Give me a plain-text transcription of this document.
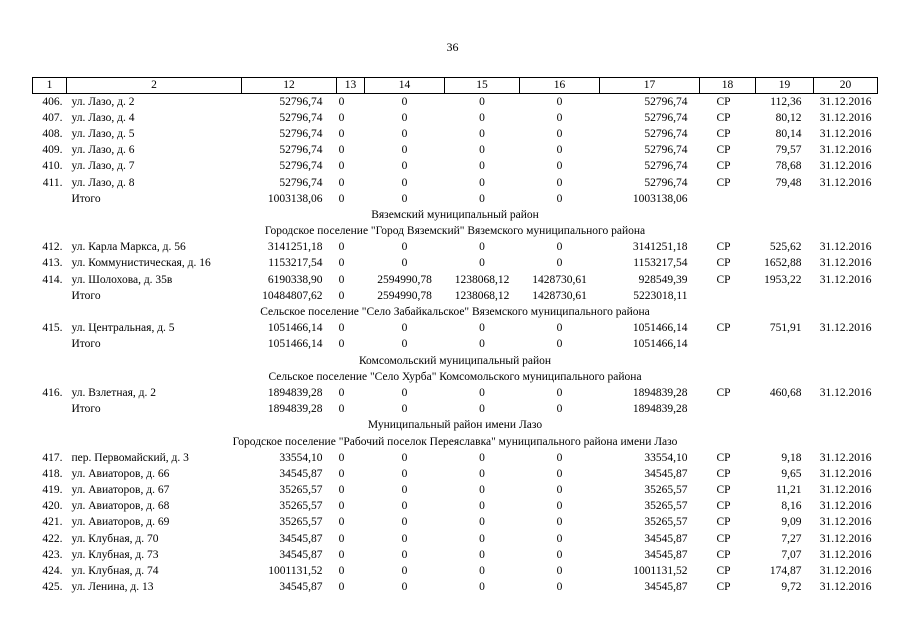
36
1	2	12	13	14	15	16	17	18	19	20
406.	ул. Лазо, д. 2	52796,74	0	0	0	0	52796,74	СР	112,36	31.12.2016
407.	ул. Лазо, д. 4	52796,74	0	0	0	0	52796,74	СР	80,12	31.12.2016
408.	ул. Лазо, д. 5	52796,74	0	0	0	0	52796,74	СР	80,14	31.12.2016
409.	ул. Лазо, д. 6	52796,74	0	0	0	0	52796,74	СР	79,57	31.12.2016
410.	ул. Лазо, д. 7	52796,74	0	0	0	0	52796,74	СР	78,68	31.12.2016
411.	ул. Лазо, д. 8	52796,74	0	0	0	0	52796,74	СР	79,48	31.12.2016
	Итого	1003138,06	0	0	0	0	1003138,06			
Вяземский муниципальный район										
Городское поселение "Город Вяземский" Вяземского муниципального района										
412.	ул. Карла Маркса, д. 56	3141251,18	0	0	0	0	3141251,18	СР	525,62	31.12.2016
413.	ул. Коммунистическая, д. 16	1153217,54	0	0	0	0	1153217,54	СР	1652,88	31.12.2016
414.	ул. Шолохова, д. 35в	6190338,90	0	2594990,78	1238068,12	1428730,61	928549,39	СР	1953,22	31.12.2016
	Итого	10484807,62	0	2594990,78	1238068,12	1428730,61	5223018,11			
Сельское поселение "Село Забайкальское" Вяземского муниципального района										
415.	ул. Центральная, д. 5	1051466,14	0	0	0	0	1051466,14	СР	751,91	31.12.2016
	Итого	1051466,14	0	0	0	0	1051466,14			
Комсомольский муниципальный район										
Сельское поселение "Село Хурба" Комсомольского муниципального района										
416.	ул. Взлетная, д. 2	1894839,28	0	0	0	0	1894839,28	СР	460,68	31.12.2016
	Итого	1894839,28	0	0	0	0	1894839,28			
Муниципальный район имени Лазо										
Городское поселение "Рабочий поселок Переяславка" муниципального района имени Лазо										
417.	пер. Первомайский, д. 3	33554,10	0	0	0	0	33554,10	СР	9,18	31.12.2016
418.	ул. Авиаторов, д. 66	34545,87	0	0	0	0	34545,87	СР	9,65	31.12.2016
419.	ул. Авиаторов, д. 67	35265,57	0	0	0	0	35265,57	СР	11,21	31.12.2016
420.	ул. Авиаторов, д. 68	35265,57	0	0	0	0	35265,57	СР	8,16	31.12.2016
421.	ул. Авиаторов, д. 69	35265,57	0	0	0	0	35265,57	СР	9,09	31.12.2016
422.	ул. Клубная, д. 70	34545,87	0	0	0	0	34545,87	СР	7,27	31.12.2016
423.	ул. Клубная, д. 73	34545,87	0	0	0	0	34545,87	СР	7,07	31.12.2016
424.	ул. Клубная, д. 74	1001131,52	0	0	0	0	1001131,52	СР	174,87	31.12.2016
425.	ул. Ленина, д. 13	34545,87	0	0	0	0	34545,87	СР	9,72	31.12.2016
